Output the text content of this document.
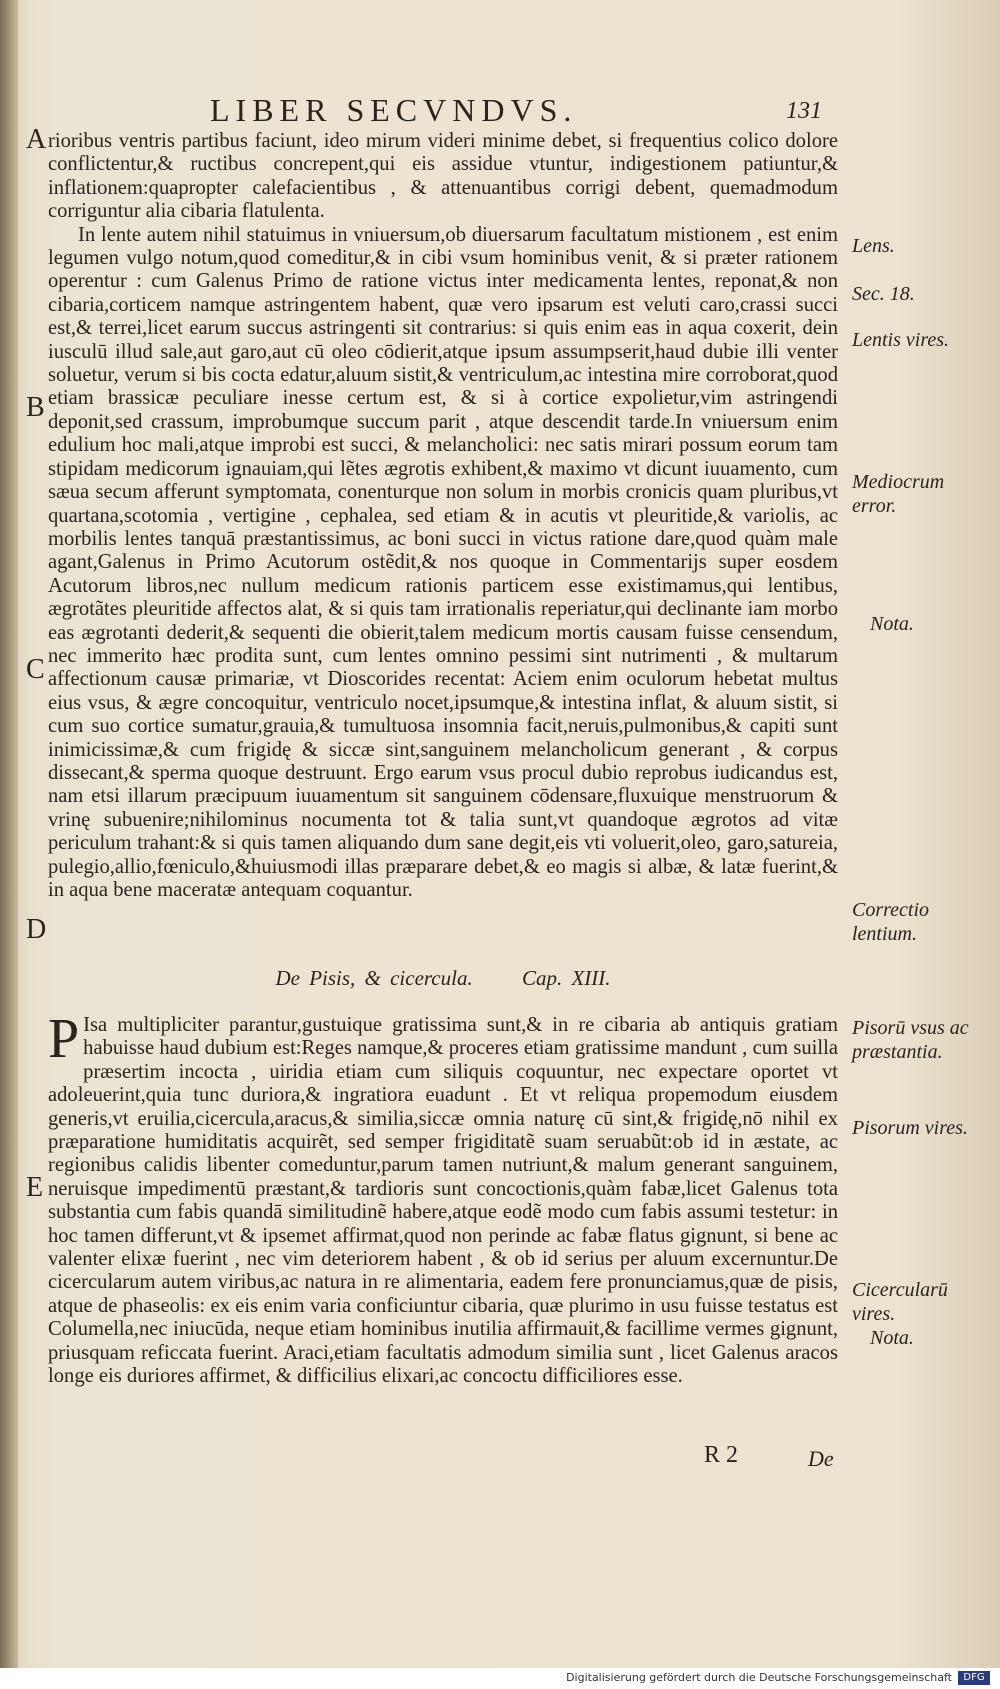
LIBER SECVNDVS.	131
A
B
C
D
E

rioribus ventris partibus faciunt, ideo mirum videri minime debet, si frequentius colico dolore conflictentur,& ructibus concrepent,qui eis assidue vtuntur, indigestionem patiuntur,& inflationem:quapropter calefacientibus , & attenuantibus corrigi debent, quemadmodum corriguntur alia cibaria flatulenta.

In lente autem nihil statuimus in vniuersum,ob diuersarum facultatum mistionem , est enim legumen vulgo notum,quod comeditur,& in cibi vsum hominibus venit, & si præter rationem operentur : cum Galenus Primo de ratione victus inter medicamenta lentes, reponat,& non cibaria,corticem namque astringentem habent, quæ vero ipsarum est veluti caro,crassi succi est,& terrei,licet earum succus astringenti sit contrarius: si quis enim eas in aqua coxerit, dein iusculū illud sale,aut garo,aut cū oleo cōdierit,atque ipsum assumpserit,haud dubie illi venter soluetur, verum si bis cocta edatur,aluum sistit,& ventriculum,ac intestina mire corroborat,quod etiam brassicæ peculiare inesse certum est, & si à cortice expolietur,vim astringendi deponit,sed crassum, improbumque succum parit , atque descendit tarde.In vniuersum enim edulium hoc mali,atque improbi est succi, & melancholici: nec satis mirari possum eorum tam stipidam medicorum ignauiam,qui lẽtes ægrotis exhibent,& maximo vt dicunt iuuamento, cum sæua secum afferunt symptomata, conenturque non solum in morbis cronicis quam pluribus,vt quartana,scotomia , vertigine , cephalea, sed etiam & in acutis vt pleuritide,& variolis, ac morbilis lentes tanquā præstantissimus, ac boni succi in victus ratione dare,quod quàm male agant,Galenus in Primo Acutorum ostẽdit,& nos quoque in Commentarijs super eosdem Acutorum libros,nec nullum medicum rationis particem esse existimamus,qui lentibus, ægrotãtes pleuritide affectos alat, & si quis tam irrationalis reperiatur,qui declinante iam morbo eas ægrotanti dederit,& sequenti die obierit,talem medicum mortis causam fuisse censendum, nec immerito hæc prodita sunt, cum lentes omnino pessimi sint nutrimenti , & multarum affectionum causæ primariæ, vt Dioscorides recentat: Aciem enim oculorum hebetat multus eius vsus, & ægre concoquitur, ventriculo nocet,ipsumque,& intestina inflat, & aluum sistit, si cum suo cortice sumatur,grauia,& tumultuosa insomnia facit,neruis,pulmonibus,& capiti sunt inimicissimæ,& cum frigidę & siccæ sint,sanguinem melancholicum generant , & corpus dissecant,& sperma quoque destruunt. Ergo earum vsus procul dubio reprobus iudicandus est, nam etsi illarum præcipuum iuuamentum sit sanguinem cōdensare,fluxuique menstruorum & vrinę subuenire;nihilominus nocumenta tot & talia sunt,vt quandoque ægrotos ad vitæ periculum trahant:& si quis tamen aliquando dum sane degit,eis vti voluerit,oleo, garo,satureia, pulegio,allio,fœniculo,&huiusmodi illas præparare debet,& eo magis si albæ, & latæ fuerint,& in aqua bene maceratæ antequam coquantur.

De Pisis, & cicercula. Cap. XIII.
P Isa multipliciter parantur,gustuique gratissima sunt,& in re cibaria ab antiquis gratiam habuisse haud dubium est:Reges namque,& proceres etiam gratissime mandunt , cum suilla præsertim incocta , uiridia etiam cum siliquis coquuntur, nec expectare oportet vt adoleuerint,quia tunc duriora,& ingratiora euadunt . Et vt reliqua propemodum eiusdem generis,vt eruilia,cicercula,aracus,& similia,siccæ omnia naturę cū sint,& frigidę,nō nihil ex præparatione humiditatis acquirẽt, sed semper frigiditatẽ suam seruabũt:ob id in æstate, ac regionibus calidis libenter comeduntur,parum tamen nutriunt,& malum generant sanguinem, neruisque impedimentū præstant,& tardioris sunt concoctionis,quàm fabæ,licet Galenus tota substantia cum fabis quandā similitudinẽ habere,atque eodẽ modo cum fabis assumi testetur: in hoc tamen differunt,vt & ipsemet affirmat,quod non perinde ac fabæ flatus gignunt, si bene ac valenter elixæ fuerint , nec vim deteriorem habent , & ob id serius per aluum excernuntur.De cicercularum autem viribus,ac natura in re alimentaria, eadem fere pronunciamus,quæ de pisis, atque de phaseolis: ex eis enim varia conficiuntur cibaria, quæ plurimo in usu fuisse testatus est Columella,nec iniucūda, neque etiam hominibus inutilia affirmauit,& facillime vermes gignunt, priusquam reficcata fuerint. Araci,etiam facultatis admodum similia sunt , licet Galenus aracos longe eis duriores affirmet, & difficilius elixari,ac concoctu difficiliores esse.
Lens.
Sec. 18.
Lentis vires.
Mediocrum error.
Nota.
Correctio lentium.
Pisorū vsus ac præstantia.
Pisorum vires.
Cicercularū vires.
Nota.
R 2	De
Digitalisierung gefördert durch die Deutsche Forschungsgemeinschaft	DFG
